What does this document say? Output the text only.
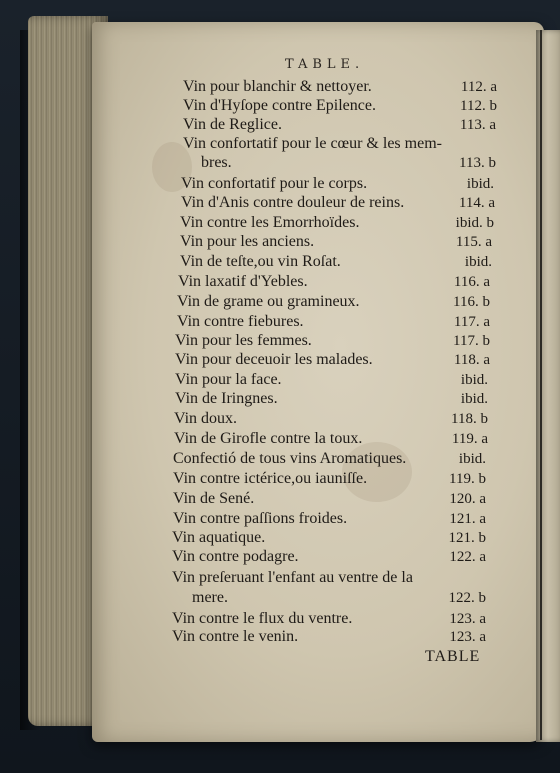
TABLE.
Vin pour blanchir & nettoyer.	112. a
Vin d'Hyſope contre Epilence.	112. b
Vin de Reglice.	113. a
Vin confortatif pour le cœur & les mem-
bres.	113. b
Vin confortatif pour le corps.	ibid.
Vin d'Anis contre douleur de reins.	114. a
Vin contre les Emorrhoïdes.	ibid. b
Vin pour les anciens.	115. a
Vin de teſte,ou vin Roſat.	ibid.
Vin laxatif d'Yebles.	116. a
Vin de grame ou gramineux.	116. b
Vin contre fiebures.	117. a
Vin pour les femmes.	117. b
Vin pour deceuoir les malades.	118. a
Vin pour la face.	ibid.
Vin de Iringnes.	ibid.
Vin doux.	118. b
Vin de Girofle contre la toux.	119. a
Confectió de tous vins Aromatiques.	ibid.
Vin contre ictérice,ou iauniſſe.	119. b
Vin de Sené.	120. a
Vin contre paſſions froides.	121. a
Vin aquatique.	121. b
Vin contre podagre.	122. a
Vin preſeruant l'enfant au ventre de la
mere.	122. b
Vin contre le flux du ventre.	123. a
Vin contre le venin.	123. a
TABLE
